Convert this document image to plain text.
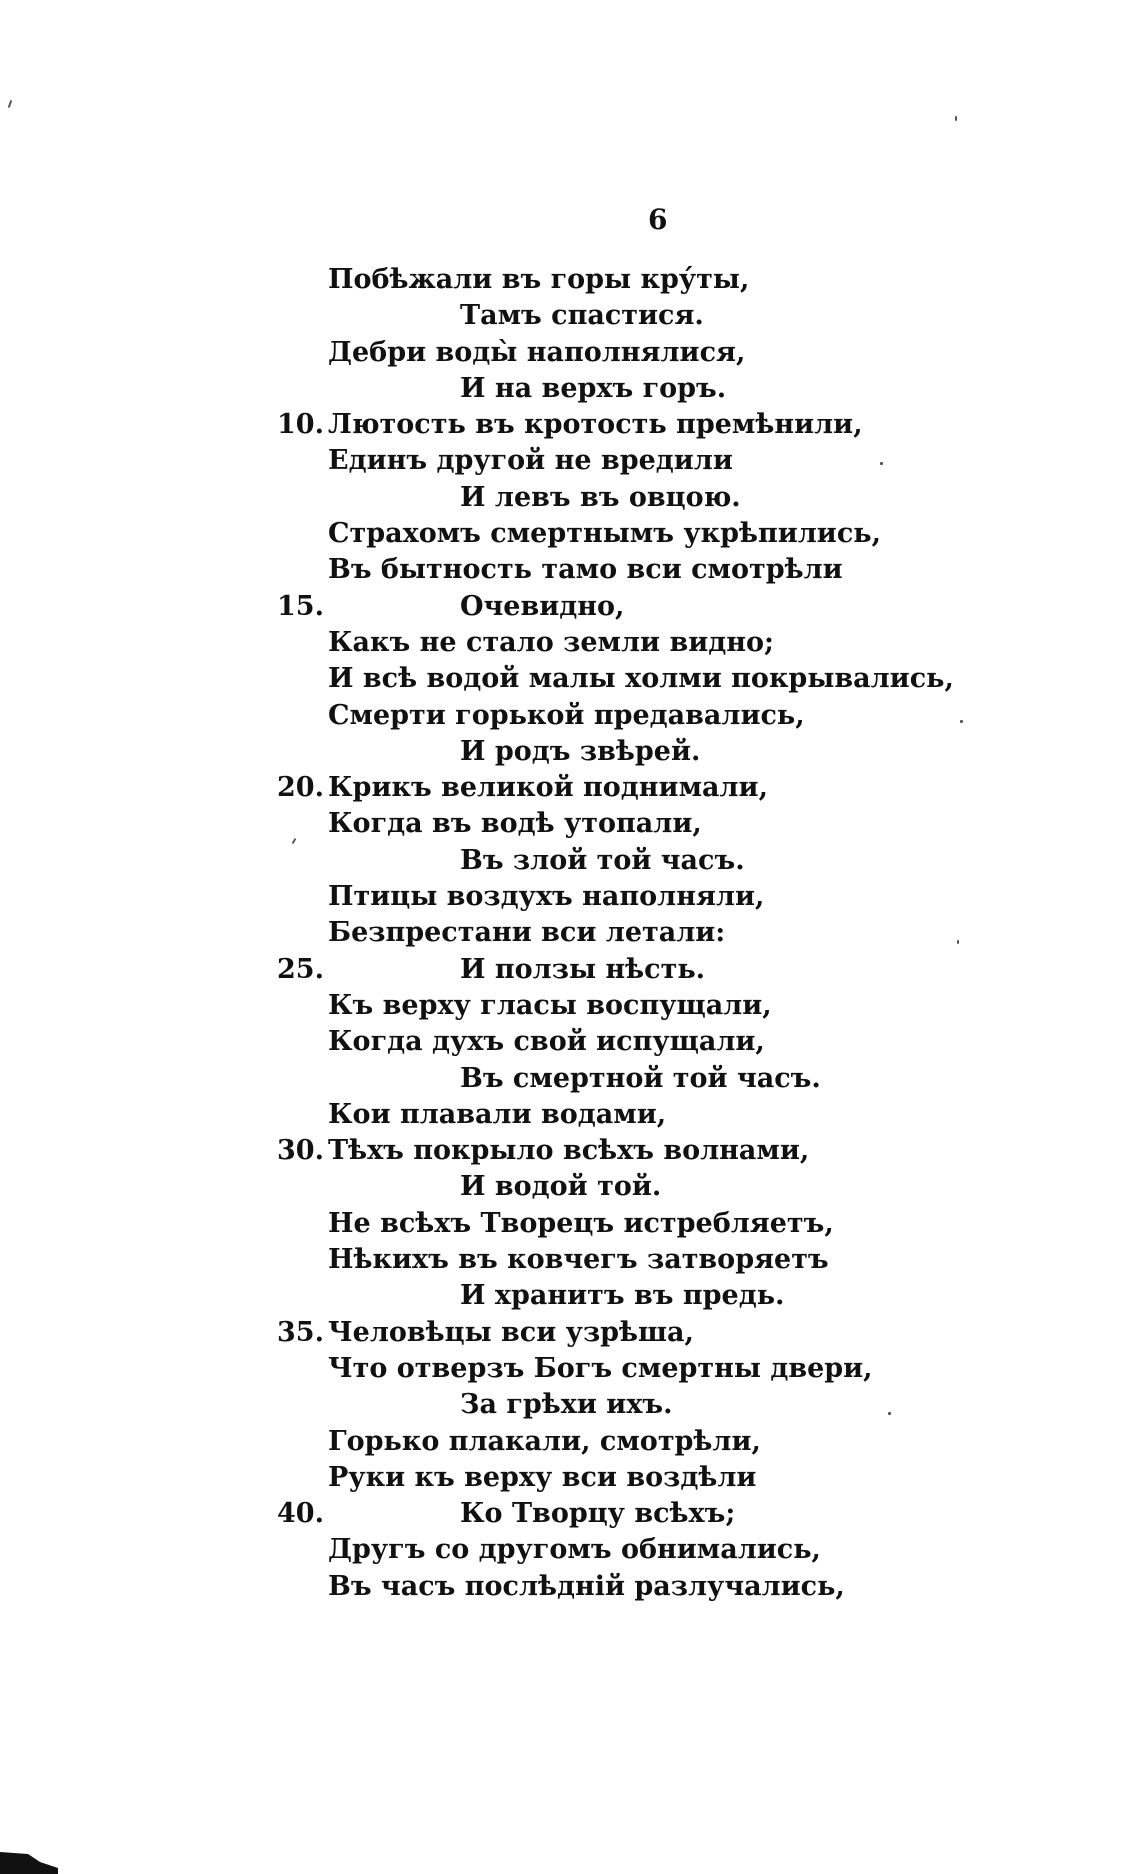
6
Побѣжали въ горы кру́ты,
Тамъ спастися.
Дебри воды̀ наполнялися,
И на верхъ горъ.
10. Лютость въ кротость премѣнили,
Единъ другой не вредили
И левъ въ овцою.
Страхомъ смертнымъ укрѣпились,
Въ бытность тамо вси смотрѣли
15.	Очевидно,
Какъ не стало земли видно;
И всѣ водой малы холми покрывались,
Смерти горькой предавались,
И родъ звѣрей.
20. Крикъ великой поднимали,
Когда въ водѣ утопали,
Въ злой той часъ.
Птицы воздухъ наполняли,
Безпрестани вси летали:
25.	И ползы нѣсть.
Къ верху гласы воспущали,
Когда духъ свой испущали,
Въ смертной той часъ.
Кои плавали водами,
30. Тѣхъ покрыло всѣхъ волнами,
И водой той.
Не всѣхъ Творецъ истребляетъ,
Нѣкихъ въ ковчегъ затворяетъ
И хранитъ въ предь.
35. Человѣцы вси узрѣша,
Что отверзъ Богъ смертны двери,
За грѣхи ихъ.
Горько плакали, смотрѣли,
Руки къ верху вси воздѣли
40.	Ко Творцу всѣхъ;
Другъ со другомъ обнимались,
Въ часъ послѣднiй разлучались,
